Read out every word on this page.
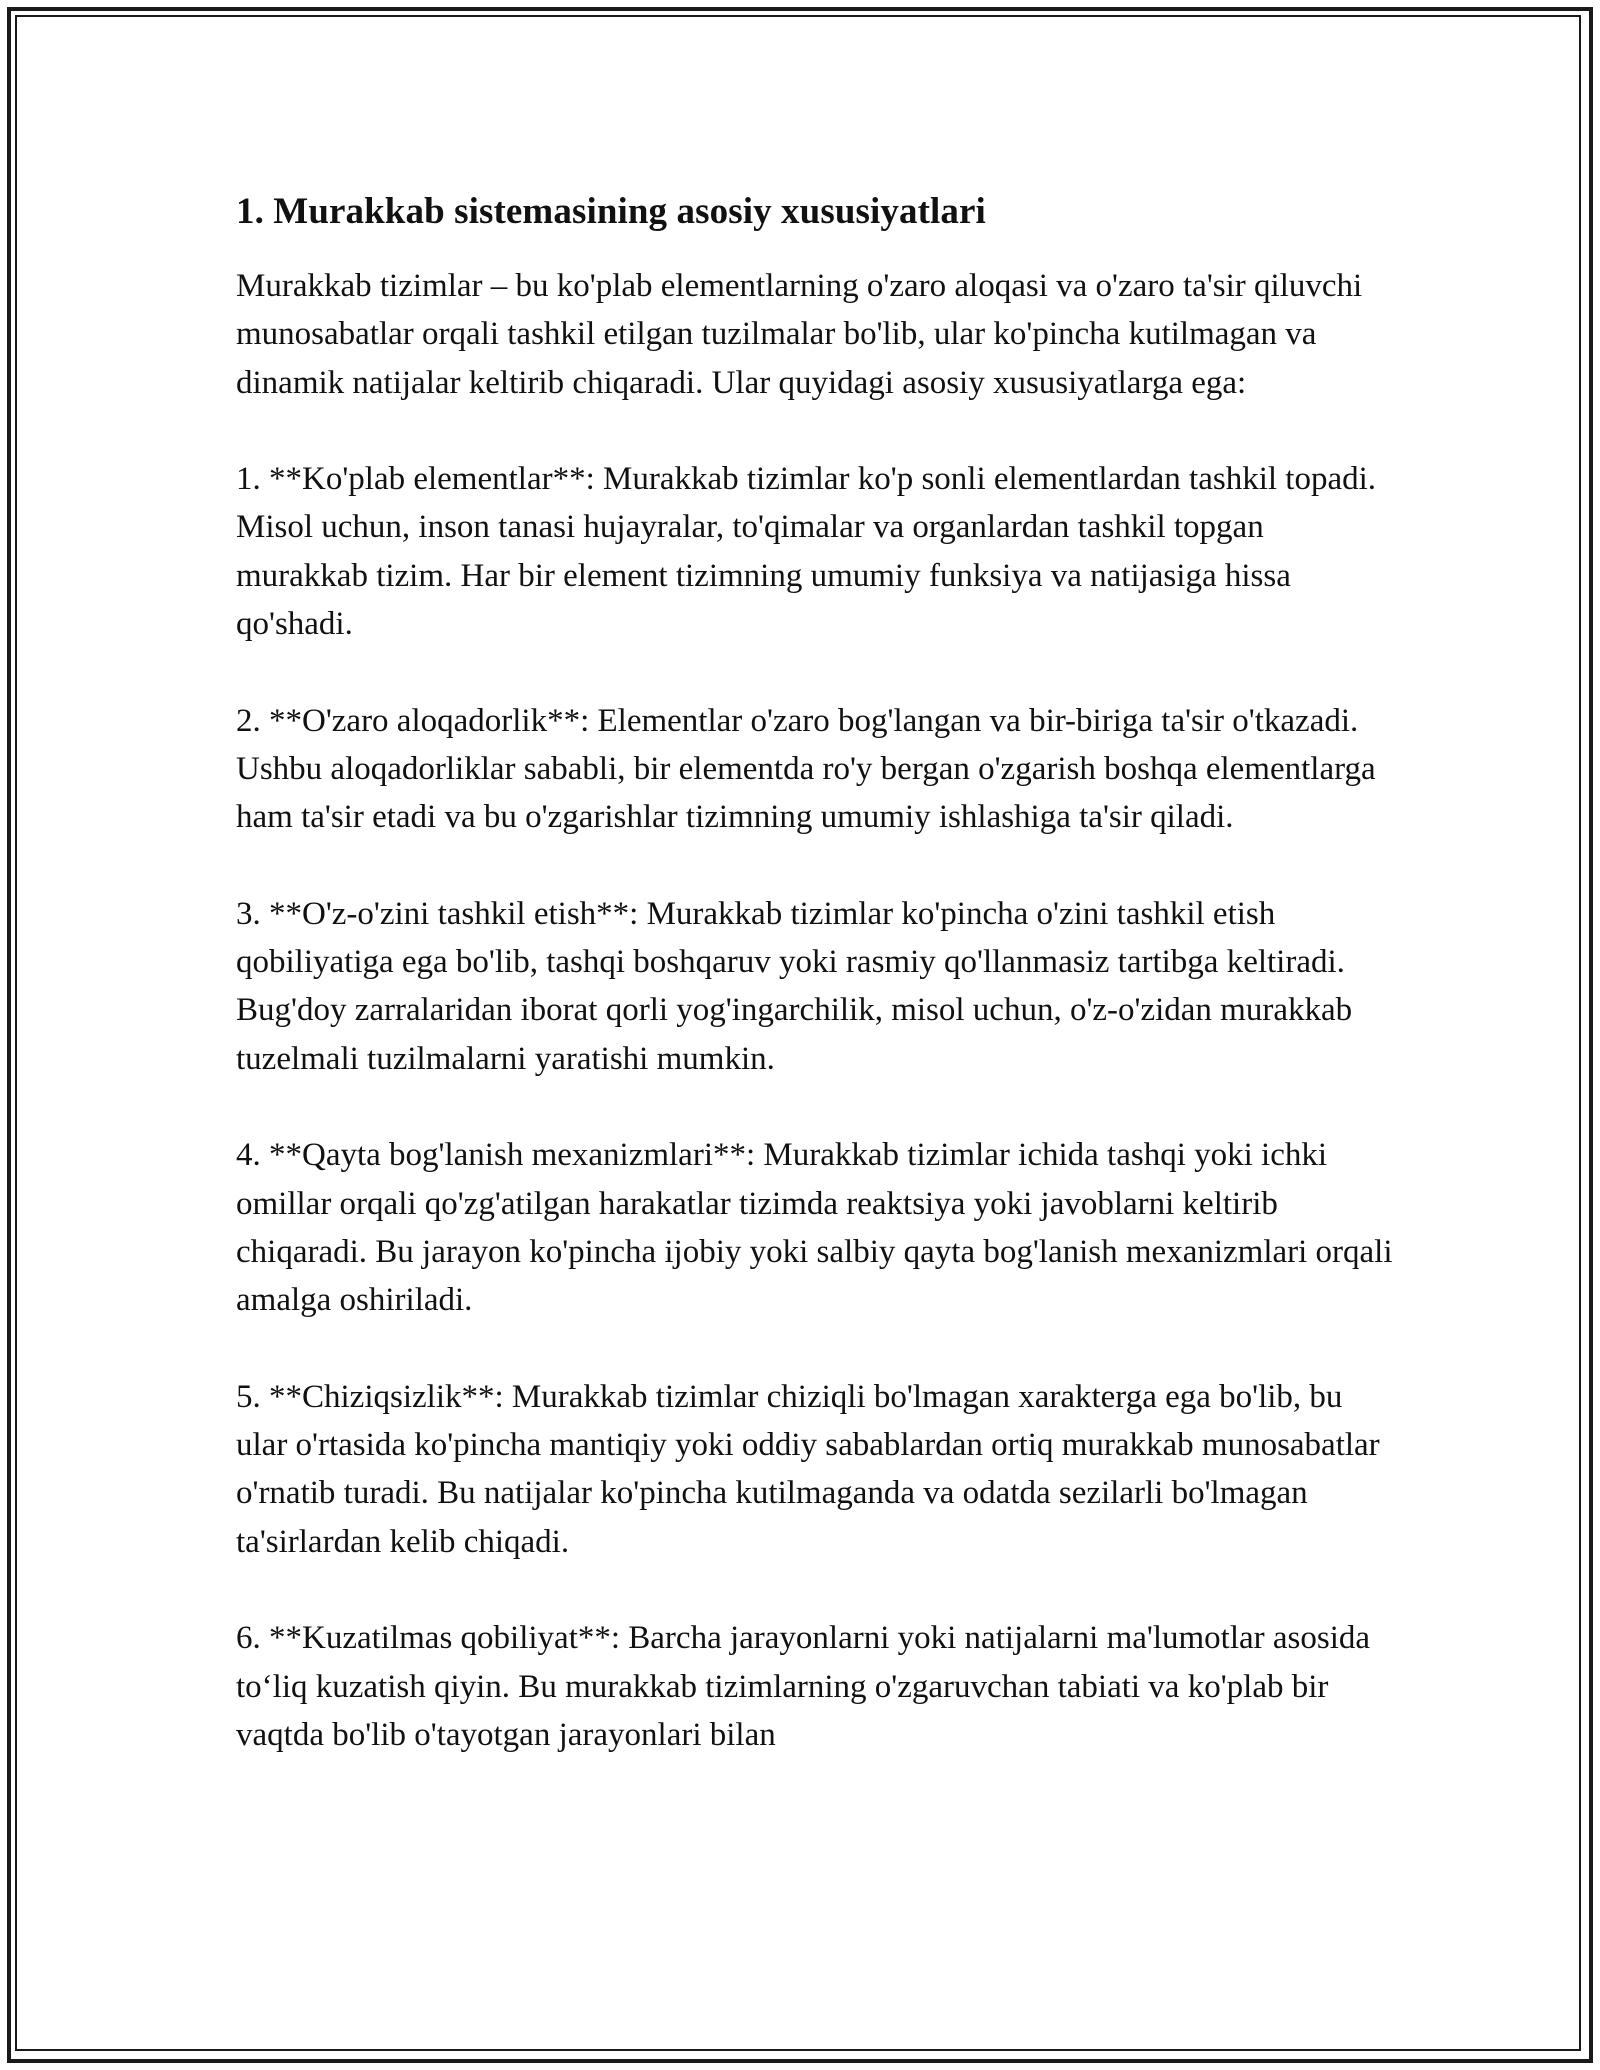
1. Murakkab sistemasining asosiy xususiyatlari

Murakkab tizimlar – bu ko'plab elementlarning o'zaro aloqasi va o'zaro ta'sir qiluvchi munosabatlar orqali tashkil etilgan tuzilmalar bo'lib, ular ko'pincha kutilmagan va dinamik natijalar keltirib chiqaradi. Ular quyidagi asosiy xususiyatlarga ega:

1. **Ko'plab elementlar**: Murakkab tizimlar ko'p sonli elementlardan tashkil topadi. Misol uchun, inson tanasi hujayralar, to'qimalar va organlardan tashkil topgan murakkab tizim. Har bir element tizimning umumiy funksiya va natijasiga hissa qo'shadi.

2. **O'zaro aloqadorlik**: Elementlar o'zaro bog'langan va bir-biriga ta'sir o'tkazadi. Ushbu aloqadorliklar sababli, bir elementda ro'y bergan o'zgarish boshqa elementlarga ham ta'sir etadi va bu o'zgarishlar tizimning umumiy ishlashiga ta'sir qiladi.

3. **O'z-o'zini tashkil etish**: Murakkab tizimlar ko'pincha o'zini tashkil etish qobiliyatiga ega bo'lib, tashqi boshqaruv yoki rasmiy qo'llanmasiz tartibga keltiradi. Bug'doy zarralaridan iborat qorli yog'ingarchilik, misol uchun, o'z-o'zidan murakkab tuzelmali tuzilmalarni yaratishi mumkin.

4. **Qayta bog'lanish mexanizmlari**: Murakkab tizimlar ichida tashqi yoki ichki omillar orqali qo'zg'atilgan harakatlar tizimda reaktsiya yoki javoblarni keltirib chiqaradi. Bu jarayon ko'pincha ijobiy yoki salbiy qayta bog'lanish mexanizmlari orqali amalga oshiriladi.

5. **Chiziqsizlik**: Murakkab tizimlar chiziqli bo'lmagan xarakterga ega bo'lib, bu ular o'rtasida ko'pincha mantiqiy yoki oddiy sabablardan ortiq murakkab munosabatlar o'rnatib turadi. Bu natijalar ko'pincha kutilmaganda va odatda sezilarli bo'lmagan ta'sirlardan kelib chiqadi.

6. **Kuzatilmas qobiliyat**: Barcha jarayonlarni yoki natijalarni ma'lumotlar asosida to‘liq kuzatish qiyin. Bu murakkab tizimlarning o'zgaruvchan tabiati va ko'plab bir vaqtda bo'lib o'tayotgan jarayonlari bilan
